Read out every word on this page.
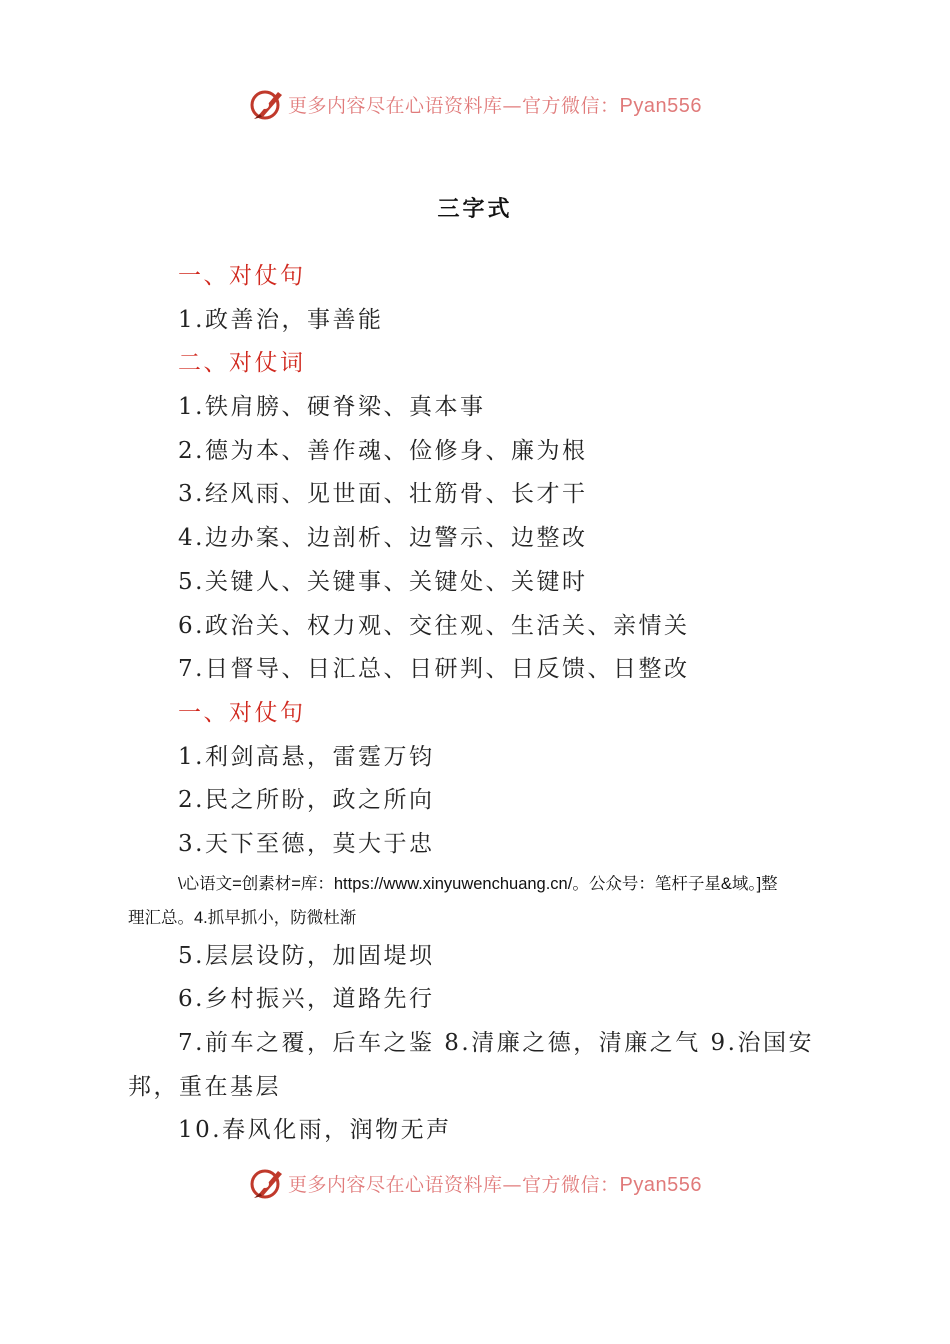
更多内容尽在心语资料库—官方微信：Pyan556
三字式
一、对仗句
1.政善治，事善能
二、对仗词
1.铁肩膀、硬脊梁、真本事
2.德为本、善作魂、俭修身、廉为根
3.经风雨、见世面、壮筋骨、长才干
4.边办案、边剖析、边警示、边整改
5.关键人、关键事、关键处、关键时
6.政治关、权力观、交往观、生活关、亲情关
7.日督导、日汇总、日研判、日反馈、日整改
一、对仗句
1.利剑高悬，雷霆万钧
2.民之所盼，政之所向
3.天下至德，莫大于忠
\心语文=创素材=库：https://www.xinyuwenchuang.cn/。公众号：笔杆子星&域。]整
理汇总。4.抓早抓小，防微杜渐
5.层层设防，加固堤坝
6.乡村振兴，道路先行
7.前车之覆，后车之鉴 8.清廉之德，清廉之气 9.治国安邦，重在基层
10.春风化雨，润物无声
更多内容尽在心语资料库—官方微信：Pyan556
